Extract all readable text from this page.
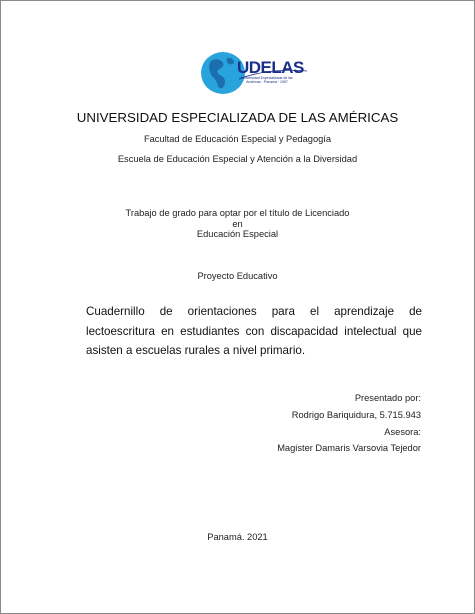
UDELAS
Universidad Especializada de las Américas · Panamá · 1997
UNIVERSIDAD ESPECIALIZADA DE LAS AMÉRICAS
Facultad de Educación Especial y Pedagogía
Escuela de Educación Especial y Atención a la Diversidad
Trabajo de grado para optar por el título de Licenciado
en
Educación Especial
Proyecto Educativo
Cuadernillo de orientaciones para el aprendizaje de lectoescritura en estudiantes con discapacidad intelectual que asisten a escuelas rurales a nivel primario.
Presentado por:
Rodrigo Bariquidura, 5.715.943
Asesora:
Magister Damaris Varsovia Tejedor
Panamá. 2021
